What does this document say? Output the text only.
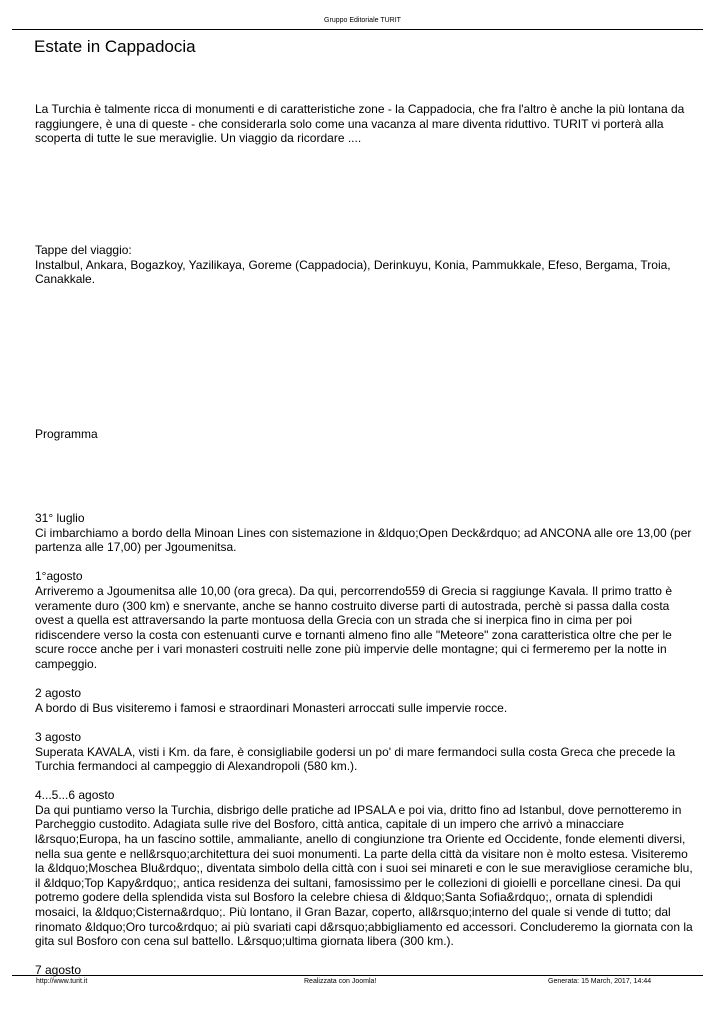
Gruppo Editoriale TURIT
Estate in Cappadocia
La Turchia è talmente ricca di monumenti e di caratteristiche zone - la Cappadocia, che fra l'altro è anche la più lontana da raggiungere, è una di queste - che considerarla solo come una vacanza al mare diventa riduttivo. TURIT vi porterà alla scoperta di tutte le sue meraviglie. Un viaggio da ricordare ....
Tappe del viaggio:
Instalbul, Ankara, Bogazkoy, Yazilikaya, Goreme (Cappadocia), Derinkuyu, Konia, Pammukkale, Efeso, Bergama, Troia, Canakkale.
Programma
31° luglio
Ci imbarchiamo a bordo della Minoan Lines con sistemazione in &ldquo;Open Deck&rdquo; ad ANCONA alle ore 13,00 (per partenza alle 17,00) per Jgoumenitsa.
1°agosto
Arriveremo a Jgoumenitsa alle 10,00 (ora greca). Da qui, percorrendo559 di Grecia si raggiunge Kavala. Il primo tratto è veramente duro (300 km) e snervante, anche se hanno costruito diverse parti di autostrada, perchè si passa dalla costa ovest a quella est attraversando la parte montuosa della Grecia con un strada che si inerpica fino in cima per poi ridiscendere verso la costa con estenuanti curve e tornanti almeno fino alle "Meteore" zona caratteristica oltre che per le scure rocce anche per i vari monasteri costruiti nelle zone più impervie delle montagne; qui ci fermeremo per la notte in campeggio.
2 agosto
A bordo di Bus visiteremo i famosi e straordinari Monasteri arroccati sulle impervie rocce.
3 agosto
Superata KAVALA, visti i Km. da fare, è consigliabile godersi un po' di mare fermandoci sulla costa Greca che precede la Turchia fermandoci al campeggio di Alexandropoli (580 km.).
4...5...6 agosto
Da qui puntiamo verso la Turchia, disbrigo delle pratiche ad IPSALA e poi via, dritto fino ad Istanbul, dove pernotteremo in Parcheggio custodito. Adagiata sulle rive del Bosforo, città antica, capitale di un impero che arrivò a minacciare l&rsquo;Europa, ha un fascino sottile, ammaliante, anello di congiunzione tra Oriente ed Occidente, fonde elementi diversi, nella sua gente e nell&rsquo;architettura dei suoi monumenti. La parte della città da visitare non è molto estesa. Visiteremo la &ldquo;Moschea Blu&rdquo;, diventata simbolo della città con i suoi sei minareti e con le sue meravigliose ceramiche blu, il &ldquo;Top Kapy&rdquo;, antica residenza dei sultani, famosissimo per le collezioni di gioielli e porcellane cinesi. Da qui potremo godere della splendida vista sul Bosforo la celebre chiesa di &ldquo;Santa Sofia&rdquo;, ornata di splendidi mosaici, la &ldquo;Cisterna&rdquo;. Più lontano, il Gran Bazar, coperto, all&rsquo;interno del quale si vende di tutto; dal rinomato &ldquo;Oro turco&rdquo; ai più svariati capi d&rsquo;abbigliamento ed accessori. Concluderemo la giornata con la gita sul Bosforo con cena sul battello. L&rsquo;ultima giornata libera (300 km.).
7 agosto
http://www.turit.it	Realizzata con Joomla!	Generata: 15 March, 2017, 14:44
